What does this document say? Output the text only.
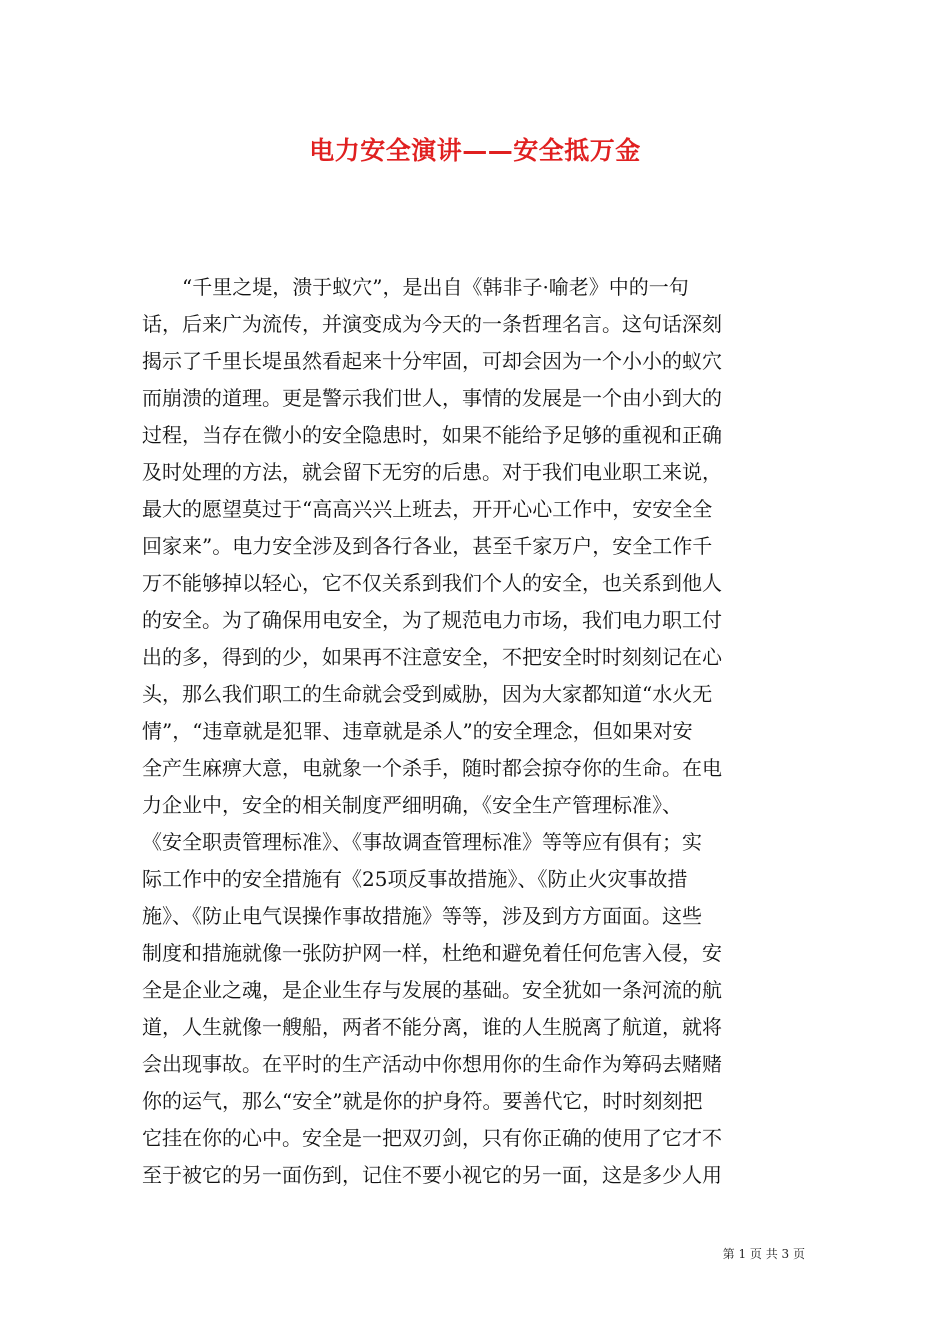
电力安全演讲——安全抵万金
　　“千里之堤，溃于蚁穴”，是出自《韩非子·喻老》中的一句
话，后来广为流传，并演变成为今天的一条哲理名言。这句话深刻
揭示了千里长堤虽然看起来十分牢固，可却会因为一个小小的蚁穴
而崩溃的道理。更是警示我们世人，事情的发展是一个由小到大的
过程，当存在微小的安全隐患时，如果不能给予足够的重视和正确
及时处理的方法，就会留下无穷的后患。对于我们电业职工来说，
最大的愿望莫过于“高高兴兴上班去，开开心心工作中，安安全全
回家来”。电力安全涉及到各行各业，甚至千家万户，安全工作千
万不能够掉以轻心，它不仅关系到我们个人的安全，也关系到他人
的安全。为了确保用电安全，为了规范电力市场，我们电力职工付
出的多，得到的少，如果再不注意安全，不把安全时时刻刻记在心
头，那么我们职工的生命就会受到威胁，因为大家都知道“水火无
情”，“违章就是犯罪、违章就是杀人”的安全理念，但如果对安
全产生麻痹大意，电就象一个杀手，随时都会掠夺你的生命。在电
力企业中，安全的相关制度严细明确，《安全生产管理标准》、
《安全职责管理标准》、《事故调查管理标准》等等应有俱有；实
际工作中的安全措施有《25项反事故措施》、《防止火灾事故措
施》、《防止电气误操作事故措施》等等，涉及到方方面面。这些
制度和措施就像一张防护网一样，杜绝和避免着任何危害入侵，安
全是企业之魂，是企业生存与发展的基础。安全犹如一条河流的航
道，人生就像一艘船，两者不能分离，谁的人生脱离了航道，就将
会出现事故。在平时的生产活动中你想用你的生命作为筹码去赌赌
你的运气，那么“安全”就是你的护身符。要善代它，时时刻刻把
它挂在你的心中。安全是一把双刃剑，只有你正确的使用了它才不
至于被它的另一面伤到，记住不要小视它的另一面，这是多少人用
第 1 页 共 3 页
